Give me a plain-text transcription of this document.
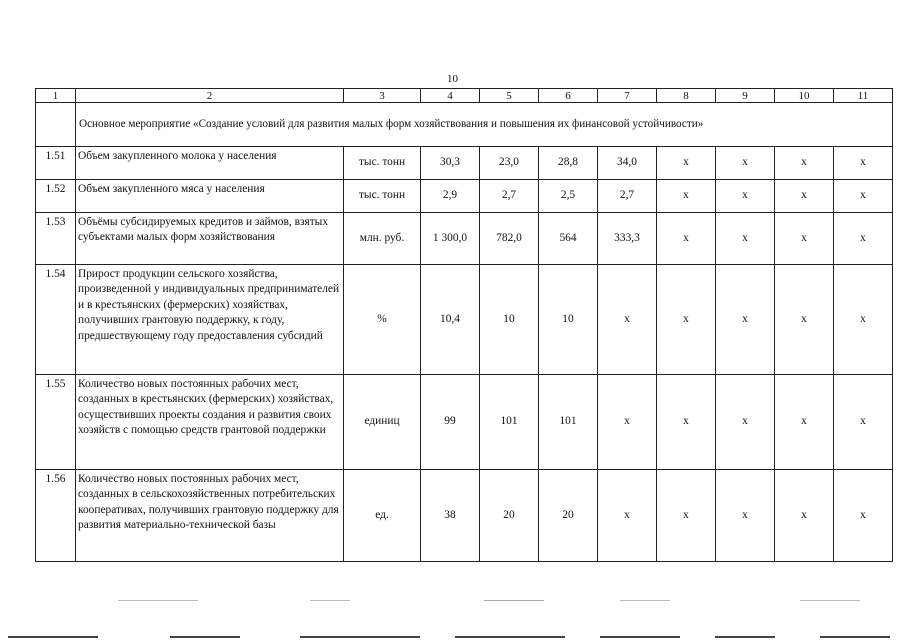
10
1	2	3	4	5	6	7	8	9	10	11
	Основное мероприятие «Создание условий для развития малых форм хозяйствования и повышения их финансовой устойчивости»									
1.51	Объем закупленного молока у населения	тыс. тонн	30,3	23,0	28,8	34,0	x	x	x	x
1.52	Объем закупленного мяса у населения	тыс. тонн	2,9	2,7	2,5	2,7	x	x	x	x
1.53	Объёмы субсидируемых кредитов и займов, взятых субъектами малых форм хозяйствования	млн. руб.	1 300,0	782,0	564	333,3	x	x	x	x
1.54	Прирост продукции сельского хозяйства, произведенной у индивидуальных предпринимателей и в крестьянских (фермерских) хозяйствах, получивших грантовую поддержку, к году, предшествующему году предоставления субсидий	%	10,4	10	10	x	x	x	x	x
1.55	Количество новых постоянных рабочих мест, созданных в крестьянских (фермерских) хозяйствах, осуществивших проекты создания и развития своих хозяйств с помощью средств грантовой поддержки	единиц	99	101	101	x	x	x	x	x
1.56	Количество новых постоянных рабочих мест, созданных в сельскохозяйственных потребительских кооперативах, получивших грантовую поддержку для развития материально-технической базы	ед.	38	20	20	x	x	x	x	x
